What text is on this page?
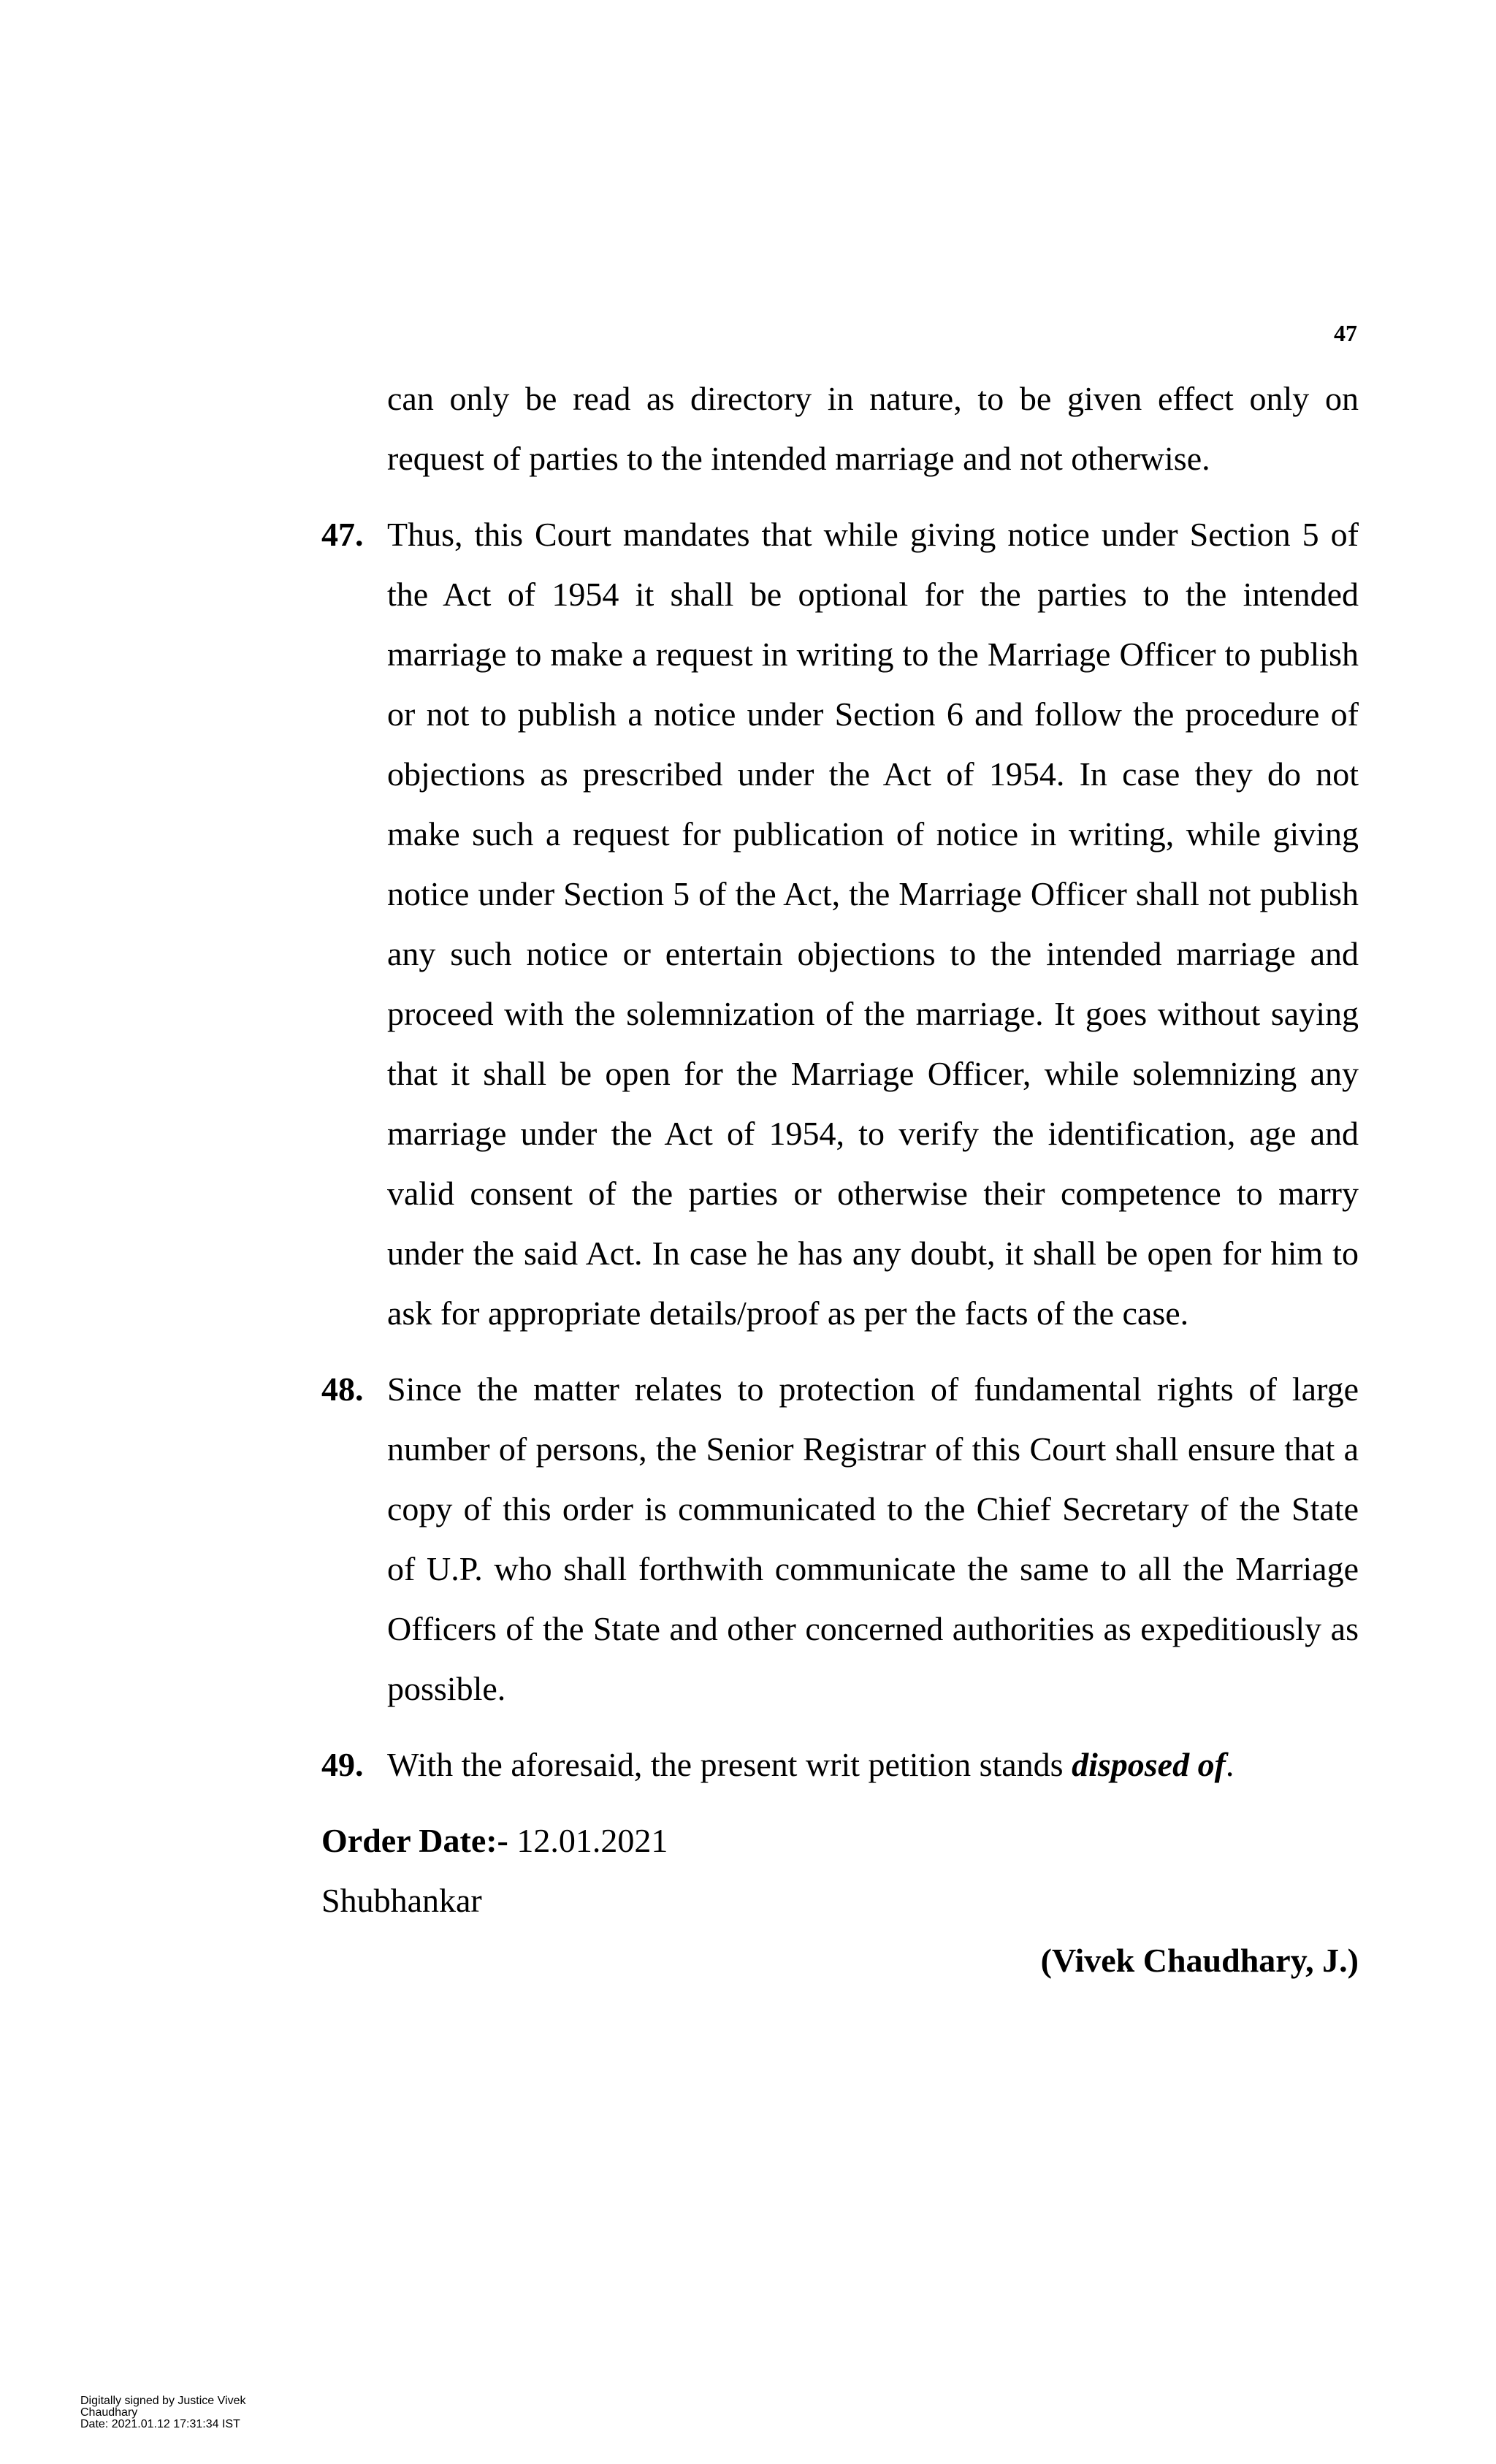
47
can only be read as directory in nature, to be given effect only on request of parties to the intended marriage and not otherwise.
47. Thus, this Court mandates that while giving notice under Section 5 of the Act of 1954 it shall be optional for the parties to the intended marriage to make a request in writing to the Marriage Officer to publish or not to publish a notice under Section 6 and follow the procedure of objections as prescribed under the Act of 1954. In case they do not make such a request for publication of notice in writing, while giving notice under Section 5 of the Act, the Marriage Officer shall not publish any such notice or entertain objections to the intended marriage and proceed with the solemnization of the marriage. It goes without saying that it shall be open for the Marriage Officer, while solemnizing any marriage under the Act of 1954, to verify the identification, age and valid consent of the parties or otherwise their competence to marry under the said Act. In case he has any doubt, it shall be open for him to ask for appropriate details/proof as per the facts of the case.
48. Since the matter relates to protection of fundamental rights of large number of persons, the Senior Registrar of this Court shall ensure that a copy of this order is communicated to the Chief Secretary of the State of U.P. who shall forthwith communicate the same to all the Marriage Officers of the State and other concerned authorities as expeditiously as possible.
49. With the aforesaid, the present writ petition stands disposed of.
Order Date:- 12.01.2021
Shubhankar
(Vivek Chaudhary, J.)
Digitally signed by Justice Vivek
Chaudhary
Date: 2021.01.12 17:31:34 IST
